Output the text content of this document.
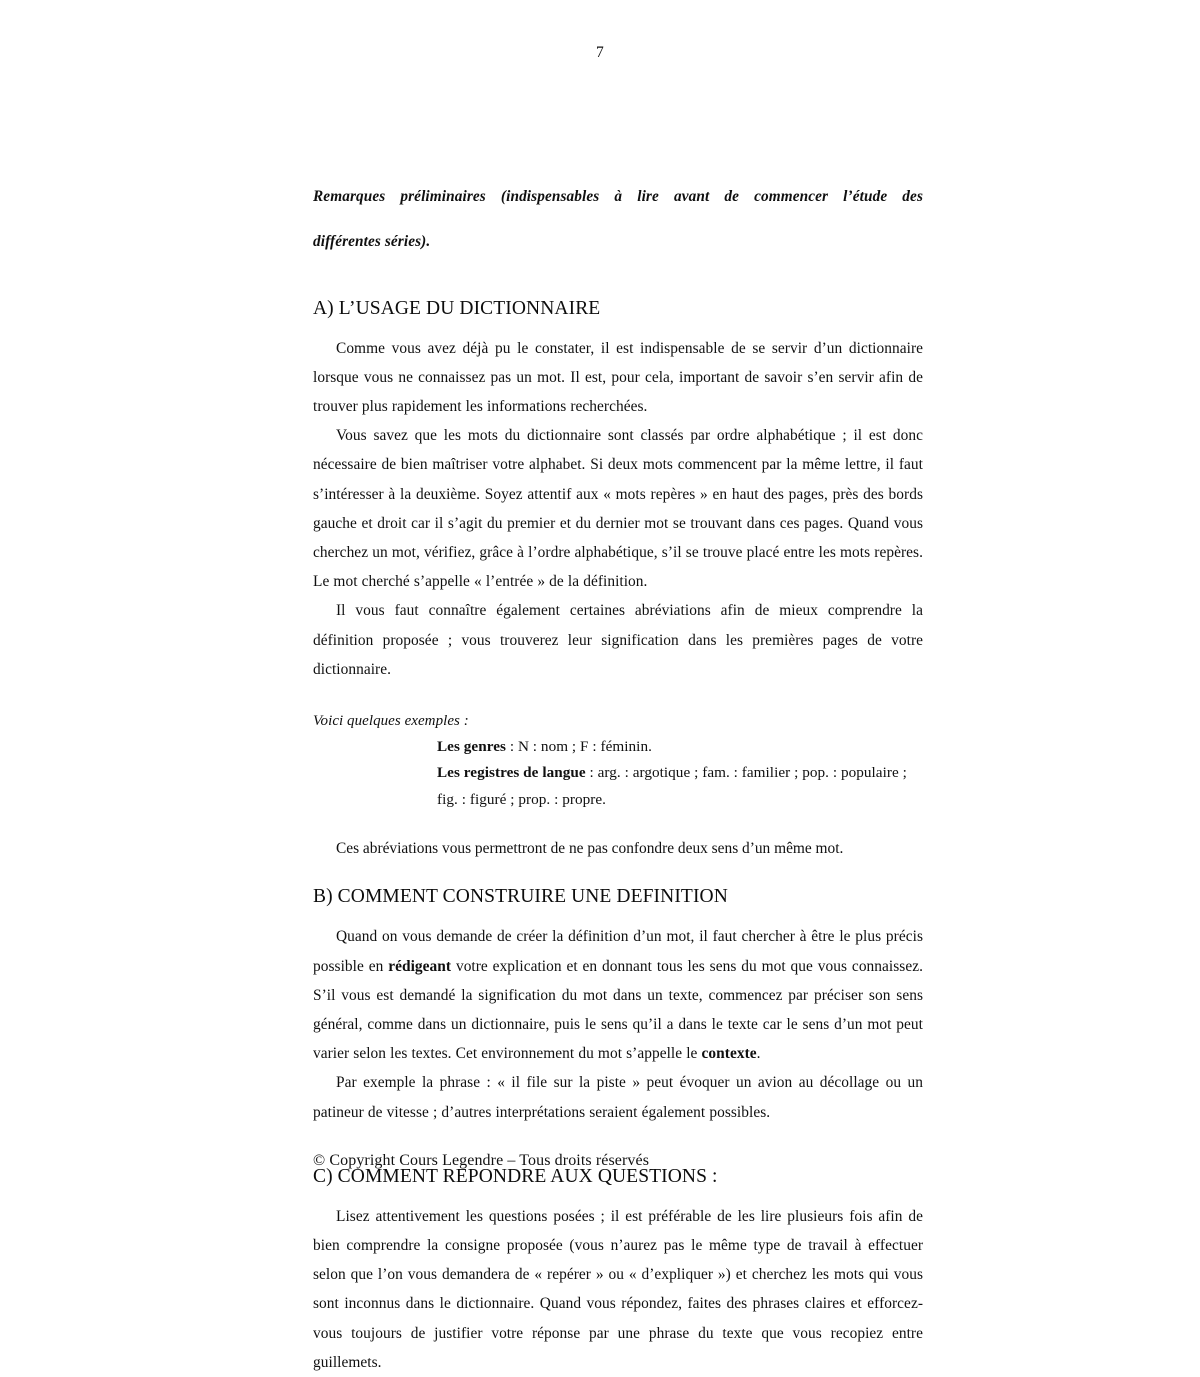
7
Remarques préliminaires (indispensables à lire avant de commencer l’étude des
différentes séries).
A) L’USAGE DU DICTIONNAIRE

Comme vous avez déjà pu le constater, il est indispensable de se servir d’un dictionnaire lorsque vous ne connaissez pas un mot. Il est, pour cela, important de savoir s’en servir afin de trouver plus rapidement les informations recherchées.

Vous savez que les mots du dictionnaire sont classés par ordre alphabétique ; il est donc nécessaire de bien maîtriser votre alphabet. Si deux mots commencent par la même lettre, il faut s’intéresser à la deuxième. Soyez attentif aux « mots repères » en haut des pages, près des bords gauche et droit car il s’agit du premier et du dernier mot se trouvant dans ces pages. Quand vous cherchez un mot, vérifiez, grâce à l’ordre alphabétique, s’il se trouve placé entre les mots repères. Le mot cherché s’appelle « l’entrée » de la définition.

Il vous faut connaître également certaines abréviations afin de mieux comprendre la définition proposée ; vous trouverez leur signification dans les premières pages de votre dictionnaire.

Voici quelques exemples :

Les genres : N : nom ; F : féminin.

Les registres de langue : arg. : argotique ; fam. : familier ; pop. : populaire ;

fig. : figuré ; prop. : propre.

Ces abréviations vous permettront de ne pas confondre deux sens d’un même mot.

B) COMMENT CONSTRUIRE UNE DEFINITION

Quand on vous demande de créer la définition d’un mot, il faut chercher à être le plus précis possible en rédigeant votre explication et en donnant tous les sens du mot que vous connaissez. S’il vous est demandé la signification du mot dans un texte, commencez par préciser son sens général, comme dans un dictionnaire, puis le sens qu’il a dans le texte car le sens d’un mot peut varier selon les textes. Cet environnement du mot s’appelle le contexte.

Par exemple la phrase : « il file sur la piste » peut évoquer un avion au décollage ou un patineur de vitesse ; d’autres interprétations seraient également possibles.

C) COMMENT REPONDRE AUX QUESTIONS :

Lisez attentivement les questions posées ; il est préférable de les lire plusieurs fois afin de bien comprendre la consigne proposée (vous n’aurez pas le même type de travail à effectuer selon que l’on vous demandera de « repérer » ou « d’expliquer ») et cherchez les mots qui vous sont inconnus dans le dictionnaire. Quand vous répondez, faites des phrases claires et efforcez-vous toujours de justifier votre réponse par une phrase du texte que vous recopiez entre guillemets.

© Copyright Cours Legendre – Tous droits réservés
